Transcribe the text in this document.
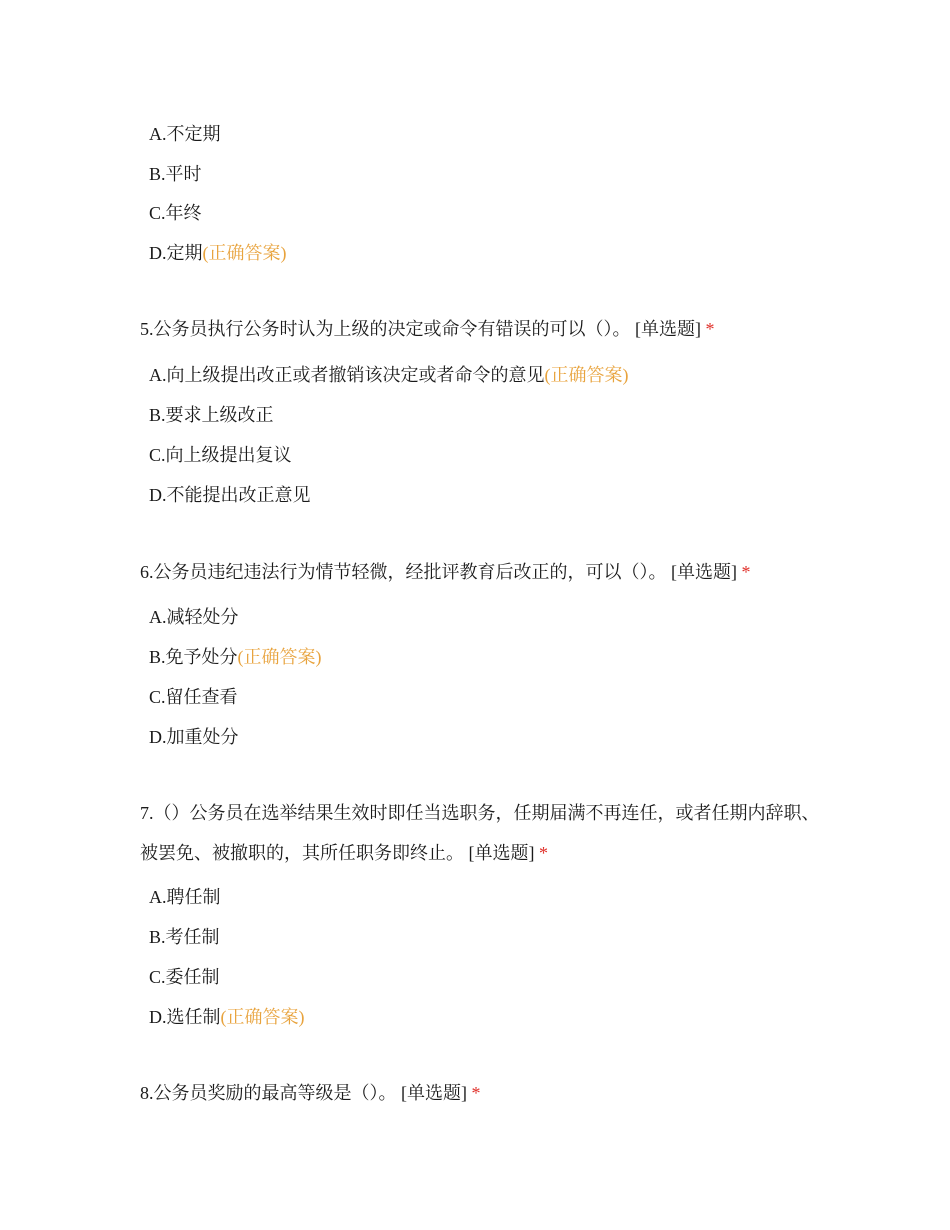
A.不定期
B.平时
C.年终
D.定期(正确答案)
5.公务员执行公务时认为上级的决定或命令有错误的可以（）。 [单选题] *
A.向上级提出改正或者撤销该决定或者命令的意见(正确答案)
B.要求上级改正
C.向上级提出复议
D.不能提出改正意见
6.公务员违纪违法行为情节轻微，经批评教育后改正的，可以（）。 [单选题] *
A.减轻处分
B.免予处分(正确答案)
C.留任查看
D.加重处分
7.（）公务员在选举结果生效时即任当选职务，任期届满不再连任，或者任期内辞职、被罢免、被撤职的，其所任职务即终止。 [单选题] *
A.聘任制
B.考任制
C.委任制
D.选任制(正确答案)
8.公务员奖励的最高等级是（）。 [单选题] *
